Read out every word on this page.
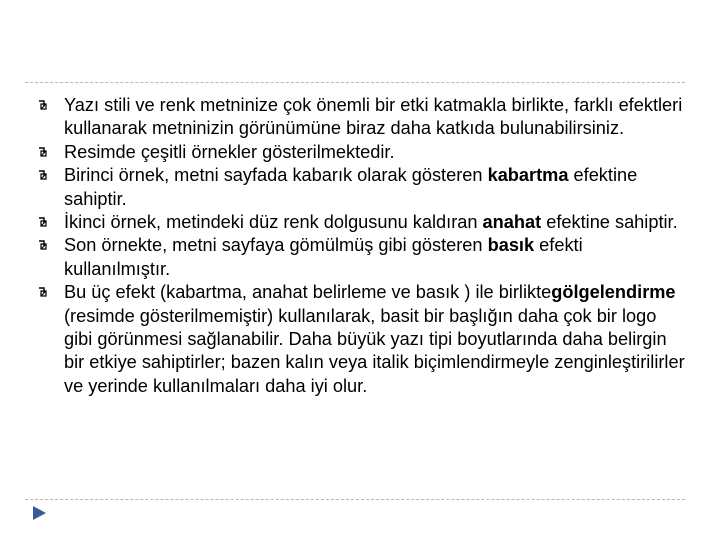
Yazı stili ve renk metninize çok önemli bir etki katmakla birlikte, farklı efektleri kullanarak metninizin görünümüne biraz daha katkıda bulunabilirsiniz.
Resimde çeşitli örnekler gösterilmektedir.
Birinci örnek, metni sayfada kabarık olarak gösteren kabartma efektine sahiptir.
İkinci örnek, metindeki düz renk dolgusunu kaldıran anahat efektine sahiptir.
Son örnekte, metni sayfaya gömülmüş gibi gösteren basık efekti kullanılmıştır.
Bu üç efekt (kabartma, anahat belirleme ve basık ) ile birliktegölgelendirme (resimde gösterilmemiştir) kullanılarak, basit bir başlığın daha çok bir logo gibi görünmesi sağlanabilir. Daha büyük yazı tipi boyutlarında daha belirgin bir etkiye sahiptirler; bazen kalın veya italik biçimlendirmeyle zenginleştirilirler ve yerinde kullanılmaları daha iyi olur.
